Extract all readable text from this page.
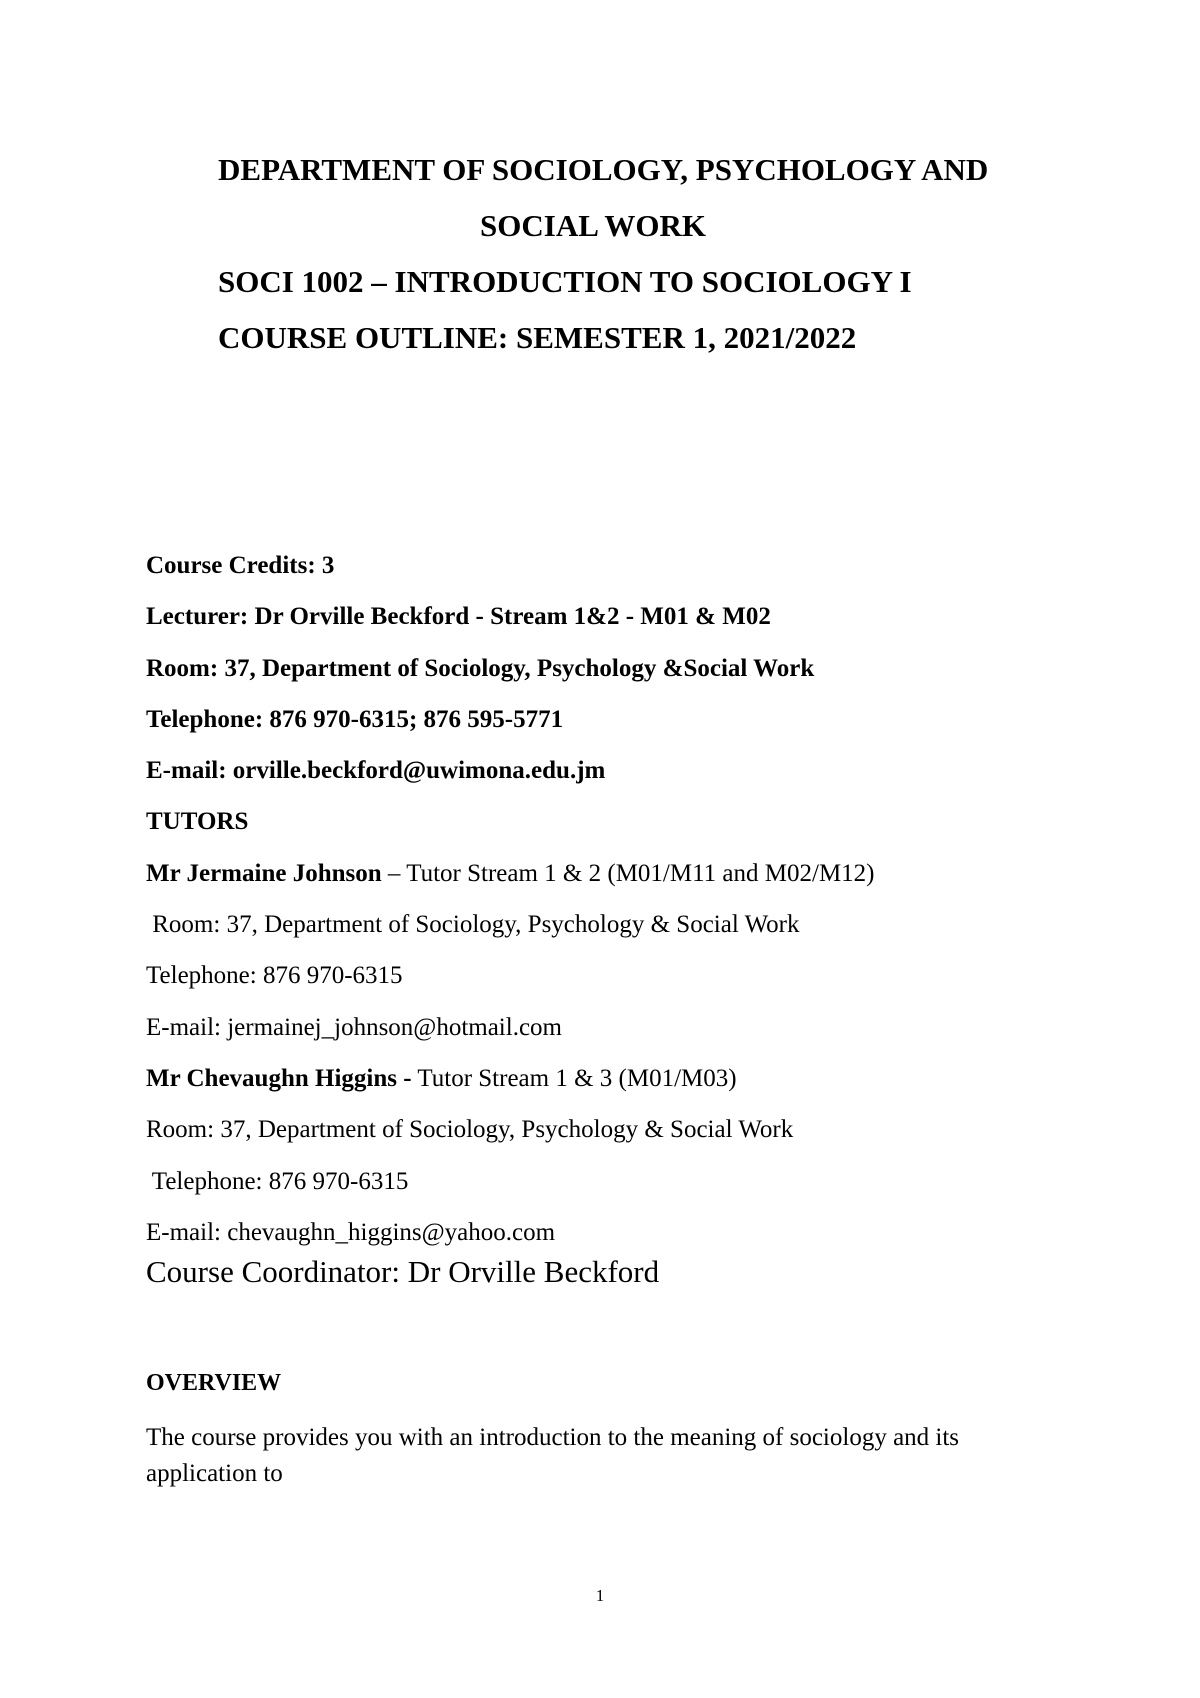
DEPARTMENT OF SOCIOLOGY, PSYCHOLOGY AND
SOCIAL WORK
SOCI 1002 – INTRODUCTION TO SOCIOLOGY I
COURSE OUTLINE: SEMESTER 1, 2021/2022
Course Credits: 3
Lecturer: Dr Orville Beckford - Stream 1&2 - M01 & M02
Room: 37, Department of Sociology, Psychology &Social Work
Telephone: 876 970-6315; 876 595-5771
E-mail: orville.beckford@uwimona.edu.jm
TUTORS
Mr Jermaine Johnson – Tutor Stream 1 & 2 (M01/M11 and M02/M12)
Room: 37, Department of Sociology, Psychology & Social Work
Telephone: 876 970-6315
E-mail: jermainej_johnson@hotmail.com
Mr Chevaughn Higgins - Tutor Stream 1 & 3 (M01/M03)
Room: 37, Department of Sociology, Psychology & Social Work
Telephone: 876 970-6315
E-mail: chevaughn_higgins@yahoo.com
Course Coordinator: Dr Orville Beckford
OVERVIEW
The course provides you with an introduction to the meaning of sociology and its application to
1
